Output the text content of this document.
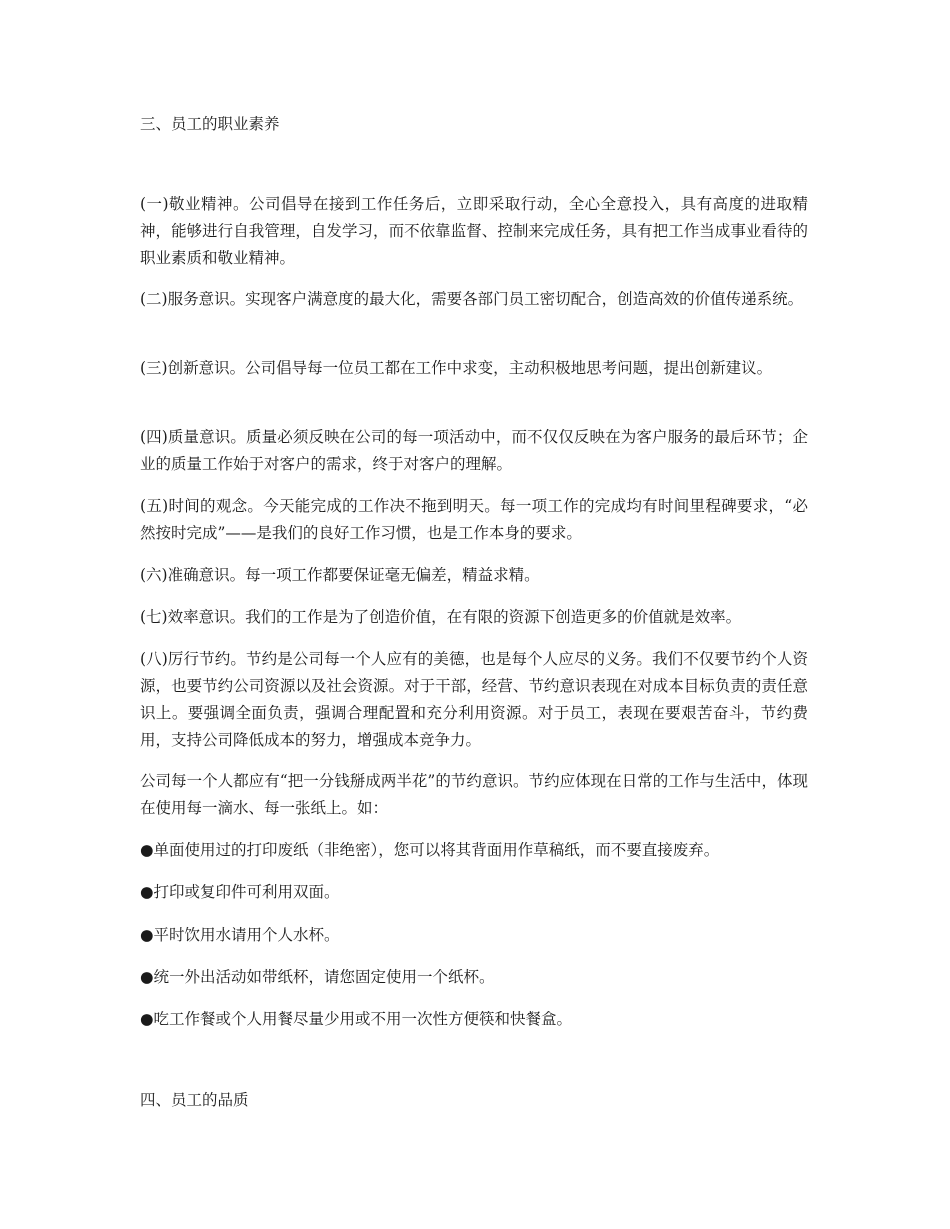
三、员工的职业素养

(一)敬业精神。公司倡导在接到工作任务后，立即采取行动，全心全意投入，具有高度的进取精神，能够进行自我管理，自发学习，而不依靠监督、控制来完成任务，具有把工作当成事业看待的职业素质和敬业精神。

(二)服务意识。实现客户满意度的最大化，需要各部门员工密切配合，创造高效的价值传递系统。

(三)创新意识。公司倡导每一位员工都在工作中求变，主动积极地思考问题，提出创新建议。

(四)质量意识。质量必须反映在公司的每一项活动中，而不仅仅反映在为客户服务的最后环节；企业的质量工作始于对客户的需求，终于对客户的理解。

(五)时间的观念。今天能完成的工作决不拖到明天。每一项工作的完成均有时间里程碑要求，“必然按时完成”——是我们的良好工作习惯，也是工作本身的要求。

(六)准确意识。每一项工作都要保证毫无偏差，精益求精。

(七)效率意识。我们的工作是为了创造价值，在有限的资源下创造更多的价值就是效率。

(八)厉行节约。节约是公司每一个人应有的美德，也是每个人应尽的义务。我们不仅要节约个人资源，也要节约公司资源以及社会资源。对于干部，经营、节约意识表现在对成本目标负责的责任意识上。要强调全面负责，强调合理配置和充分利用资源。对于员工，表现在要艰苦奋斗，节约费用，支持公司降低成本的努力，增强成本竞争力。

公司每一个人都应有“把一分钱掰成两半花”的节约意识。节约应体现在日常的工作与生活中，体现在使用每一滴水、每一张纸上。如：

●单面使用过的打印废纸（非绝密），您可以将其背面用作草稿纸，而不要直接废弃。

●打印或复印件可利用双面。

●平时饮用水请用个人水杯。

●统一外出活动如带纸杯，请您固定使用一个纸杯。

●吃工作餐或个人用餐尽量少用或不用一次性方便筷和快餐盒。

四、员工的品质
